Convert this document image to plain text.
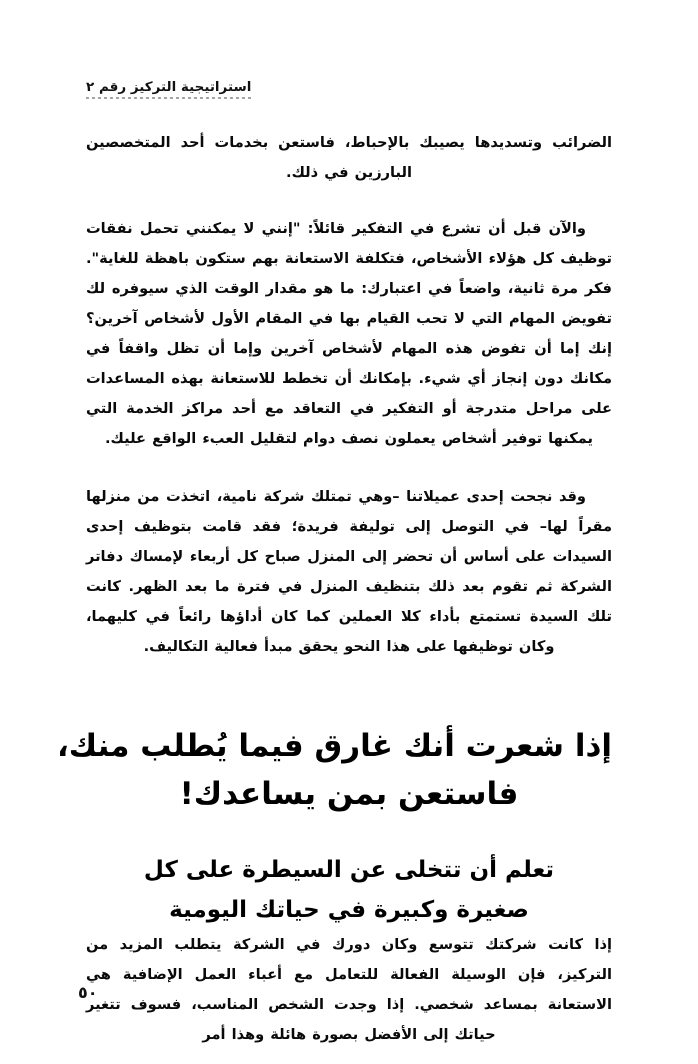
استراتيجية التركيز رقم ٢

الضرائب وتسديدها يصيبك بالإحباط، فاستعن بخدمات أحد المتخصصين البارزين في ذلك.

والآن قبل أن تشرع في التفكير قائلاً: "إنني لا يمكنني تحمل نفقات توظيف كل هؤلاء الأشخاص، فتكلفة الاستعانة بهم ستكون باهظة للغاية". فكر مرة ثانية، واضعاً في اعتبارك: ما هو مقدار الوقت الذي سيوفره لك تفويض المهام التي لا تحب القيام بها في المقام الأول لأشخاص آخرين؟ إنك إما أن تفوض هذه المهام لأشخاص آخرين وإما أن تظل واقفاً في مكانك دون إنجاز أي شيء. بإمكانك أن تخطط للاستعانة بهذه المساعدات على مراحل متدرجة أو التفكير في التعاقد مع أحد مراكز الخدمة التي يمكنها توفير أشخاص يعملون نصف دوام لتقليل العبء الواقع عليك.

وقد نجحت إحدى عميلاتنا –وهي تمتلك شركة نامية، اتخذت من منزلها مقراً لها– في التوصل إلى توليفة فريدة؛ فقد قامت بتوظيف إحدى السيدات على أساس أن تحضر إلى المنزل صباح كل أربعاء لإمساك دفاتر الشركة ثم تقوم بعد ذلك بتنظيف المنزل في فترة ما بعد الظهر. كانت تلك السيدة تستمتع بأداء كلا العملين كما كان أداؤها رائعاً في كليهما، وكان توظيفها على هذا النحو يحقق مبدأ فعالية التكاليف.

إذا شعرت أنك غارق فيما يُطلب منك،
فاستعن بمن يساعدك!
تعلم أن تتخلى عن السيطرة على كل
صغيرة وكبيرة في حياتك اليومية

إذا كانت شركتك تتوسع وكان دورك في الشركة يتطلب المزيد من التركيز، فإن الوسيلة الفعالة للتعامل مع أعباء العمل الإضافية هي الاستعانة بمساعد شخصي. إذا وجدت الشخص المناسب، فسوف تتغير حياتك إلى الأفضل بصورة هائلة وهذا أمر

٥٠
